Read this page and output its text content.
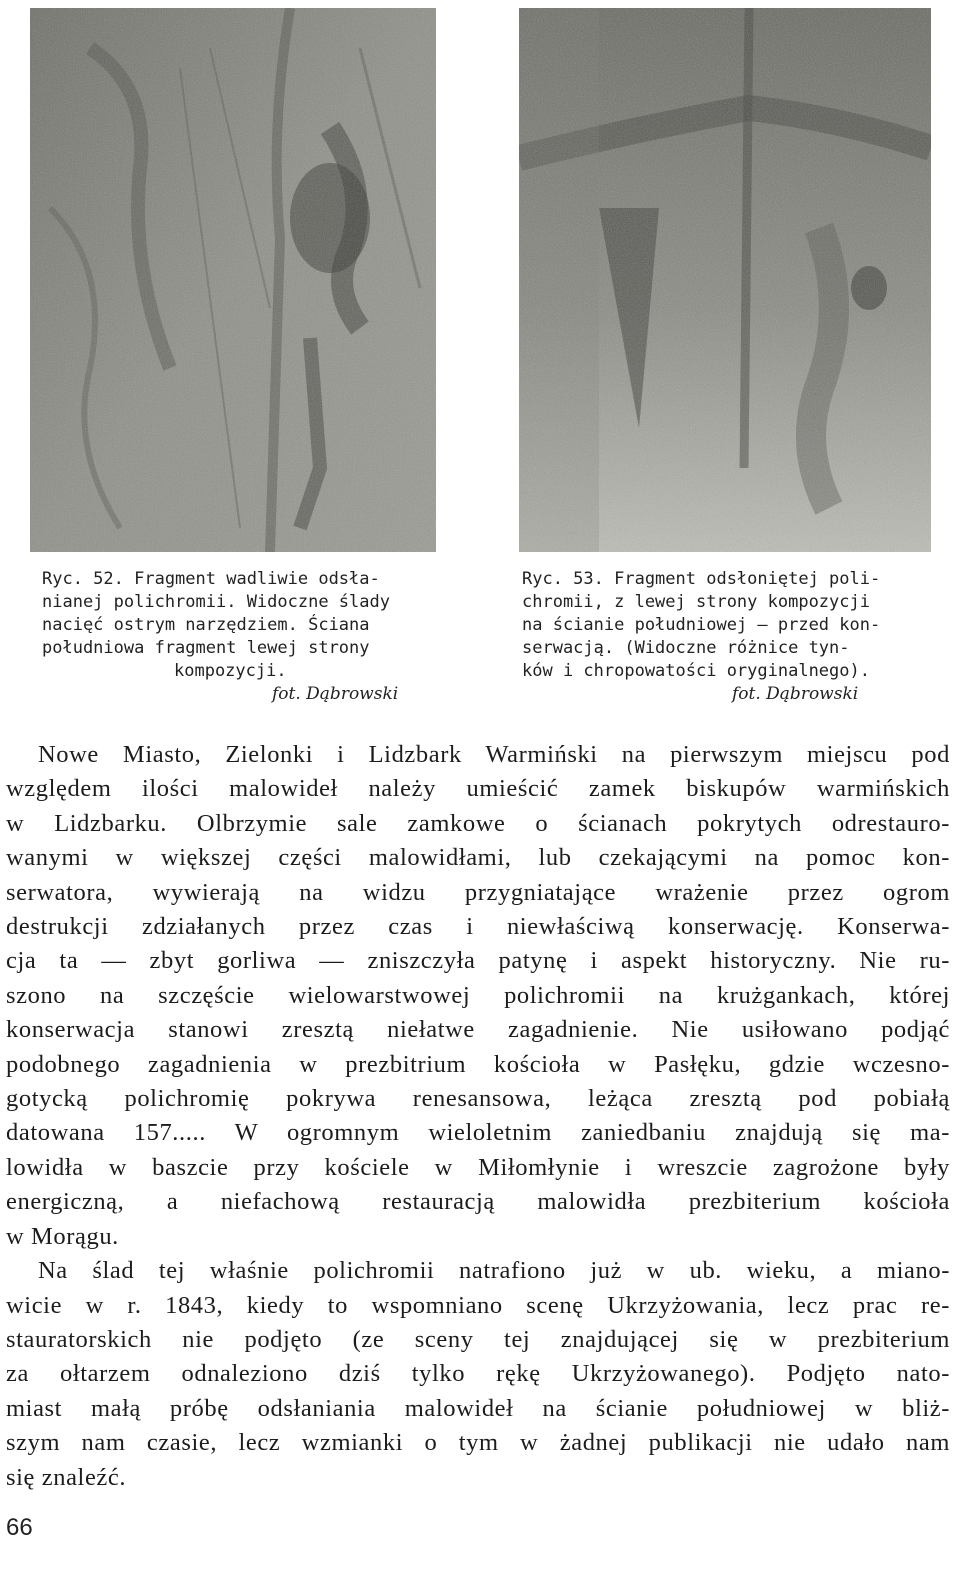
Ryc. 52. Fragment wadliwie odsła-
nianej polichromii. Widoczne ślady
nacięć ostrym narzędziem. Ściana
południowa fragment lewej strony
kompozycji.
fot. Dąbrowski
Ryc. 53. Fragment odsłoniętej poli-
chromii, z lewej strony kompozycji
na ścianie południowej — przed kon-
serwacją. (Widoczne różnice tyn-
ków i chropowatości oryginalnego).
fot. Dąbrowski
Nowe Miasto, Zielonki i Lidzbark Warmiński na pierwszym miejscu pod
względem ilości malowideł należy umieścić zamek biskupów warmińskich
w Lidzbarku. Olbrzymie sale zamkowe o ścianach pokrytych odrestauro-
wanymi w większej części malowidłami, lub czekającymi na pomoc kon-
serwatora, wywierają na widzu przygniatające wrażenie przez ogrom
destrukcji zdziałanych przez czas i niewłaściwą konserwację. Konserwa-
cja ta — zbyt gorliwa — zniszczyła patynę i aspekt historyczny. Nie ru-
szono na szczęście wielowarstwowej polichromii na krużgankach, której
konserwacja stanowi zresztą niełatwe zagadnienie. Nie usiłowano podjąć
podobnego zagadnienia w prezbitrium kościoła w Pasłęku, gdzie wczesno-
gotycką polichromię pokrywa renesansowa, leżąca zresztą pod pobiałą
datowana 157..... W ogromnym wieloletnim zaniedbaniu znajdują się ma-
lowidła w baszcie przy kościele w Miłomłynie i wreszcie zagrożone były
energiczną, a niefachową restauracją malowidła prezbiterium kościoła
w Morągu.
Na ślad tej właśnie polichromii natrafiono już w ub. wieku, a miano-
wicie w r. 1843, kiedy to wspomniano scenę Ukrzyżowania, lecz prac re-
stauratorskich nie podjęto (ze sceny tej znajdującej się w prezbiterium
za ołtarzem odnaleziono dziś tylko rękę Ukrzyżowanego). Podjęto nato-
miast małą próbę odsłaniania malowideł na ścianie południowej w bliż-
szym nam czasie, lecz wzmianki o tym w żadnej publikacji nie udało nam
się znaleźć.
66
